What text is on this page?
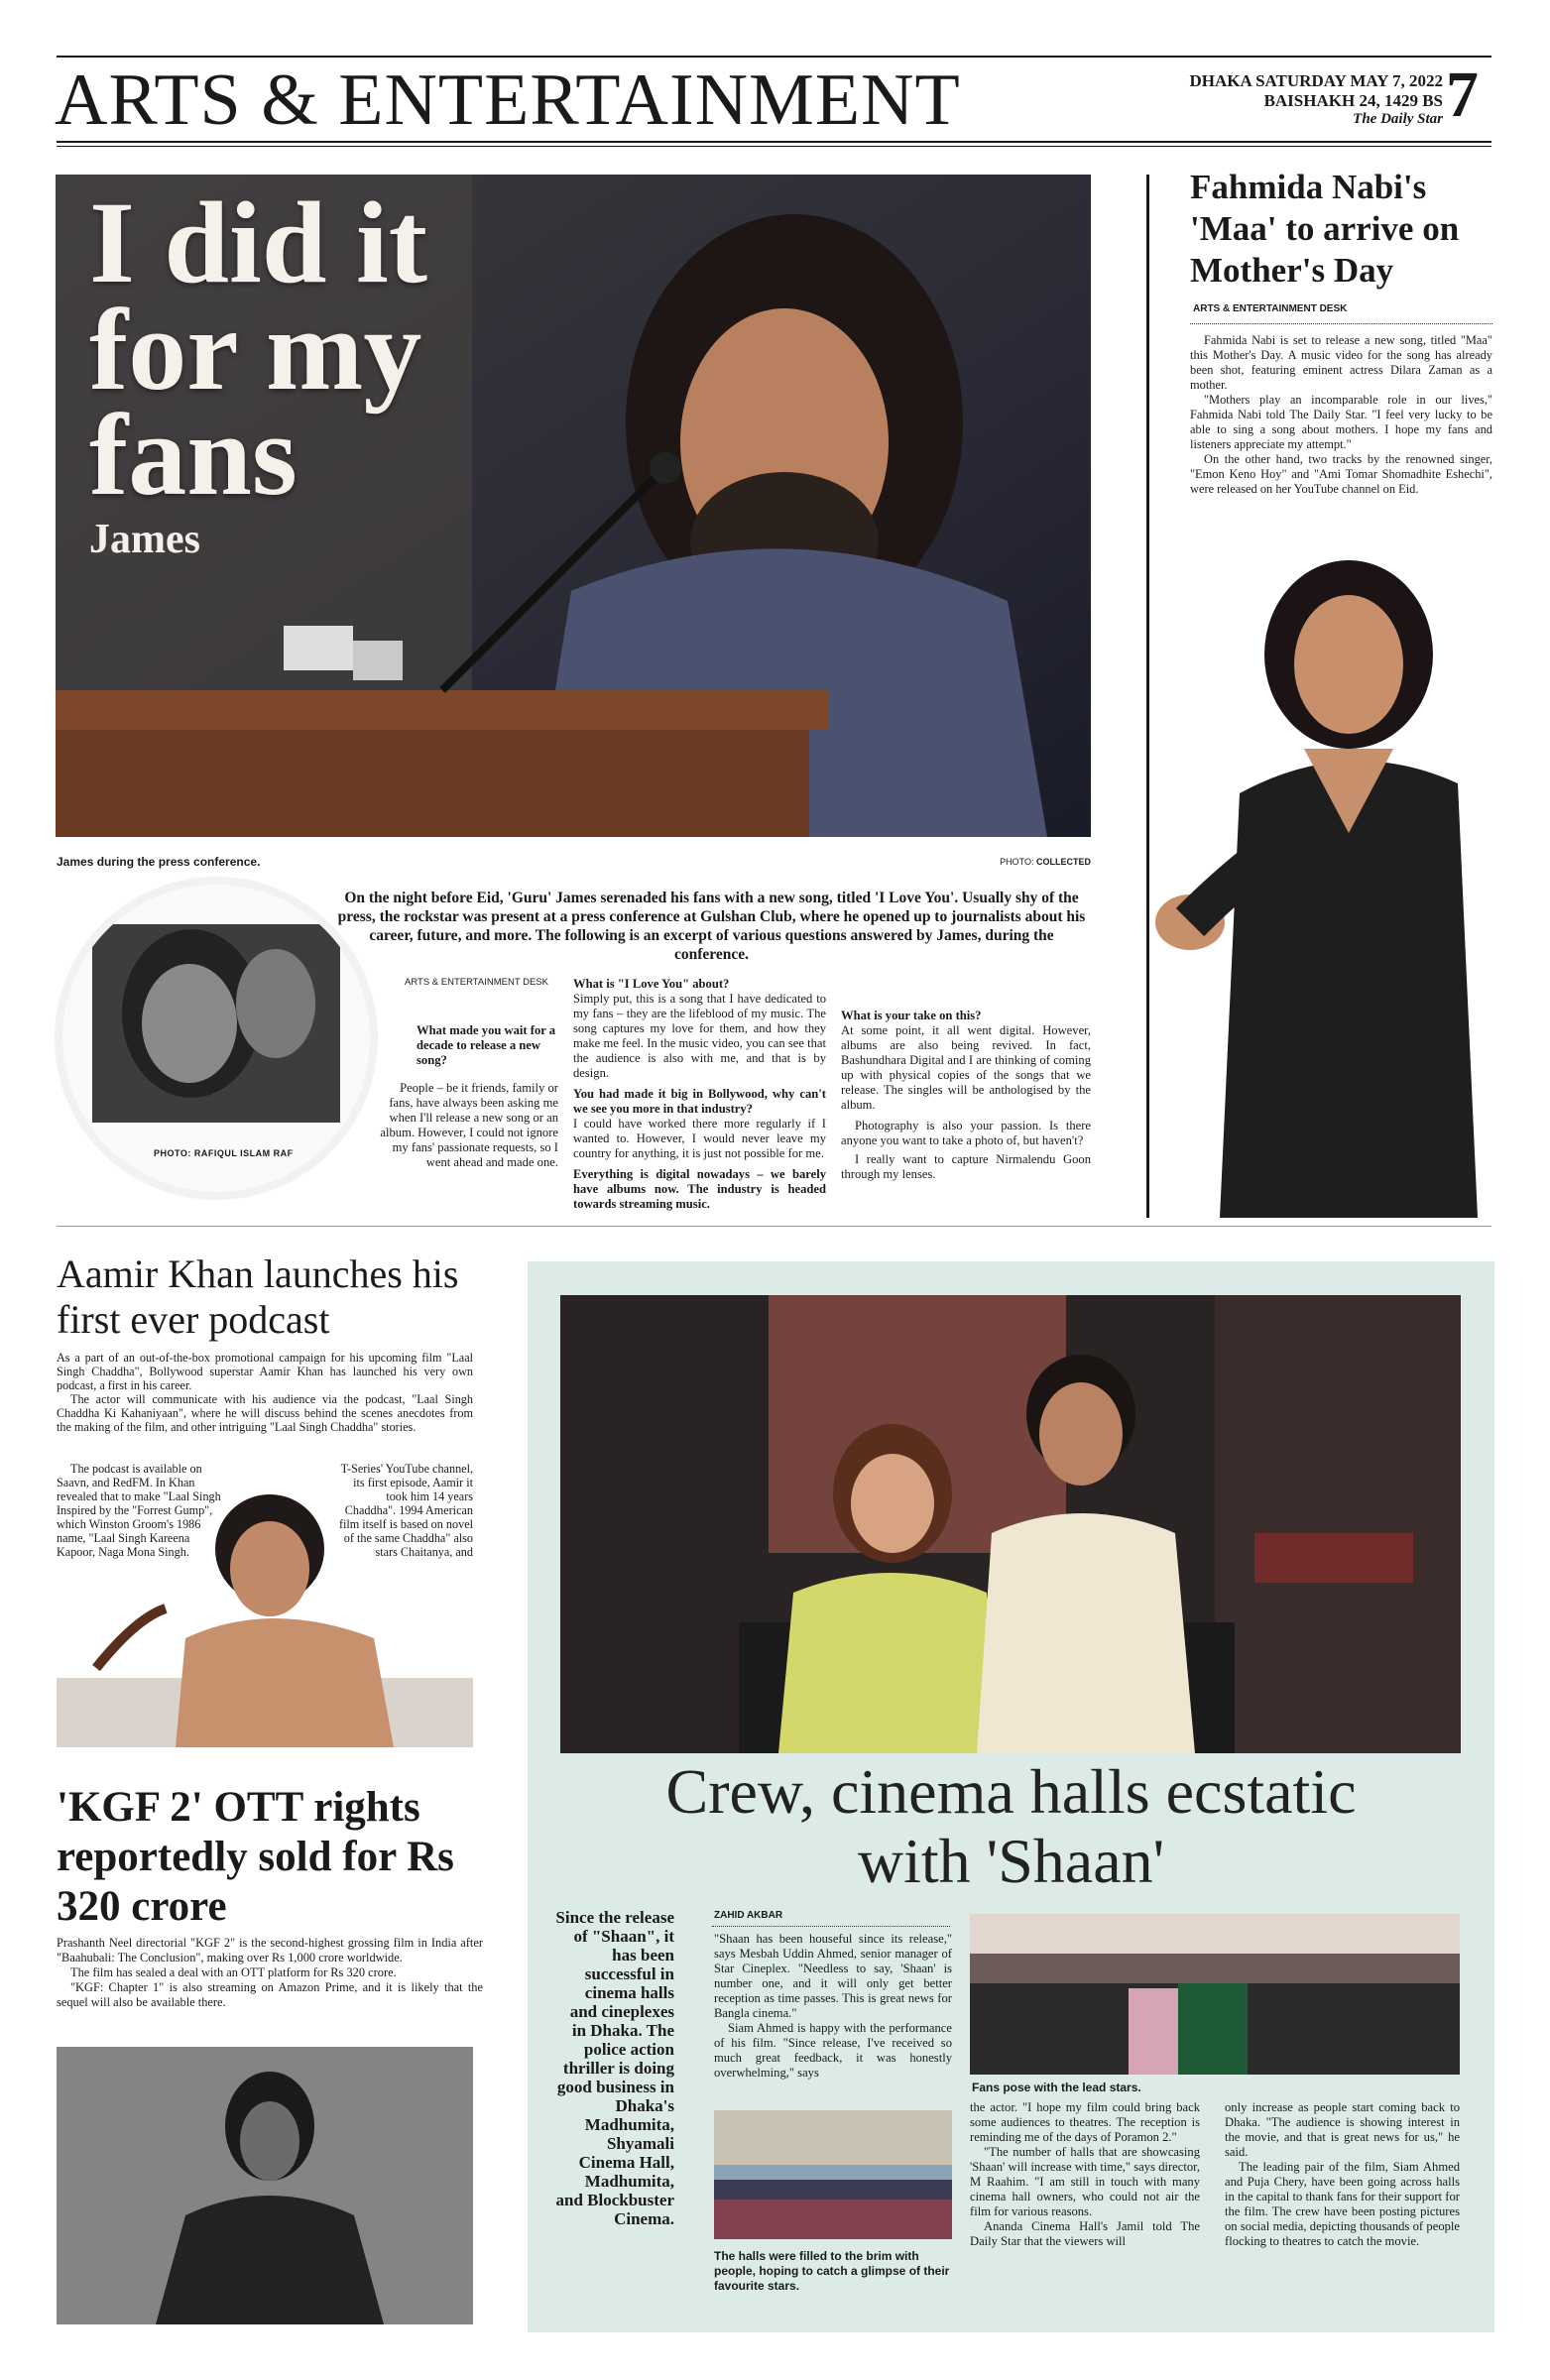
ARTS & ENTERTAINMENT	DHAKA SATURDAY MAY 7, 2022
BAISHAKH 24, 1429 BS
The Daily Star 7
I did it
for my
fans
James
James during the press conference.	PHOTO: COLLECTED
PHOTO: RAFIQUL ISLAM RAF
On the night before Eid, 'Guru' James serenaded his fans with a new song, titled 'I Love You'. Usually shy of the press, the rockstar was present at a press conference at Gulshan Club, where he opened up to journalists about his career, future, and more. The following is an excerpt of various questions answered by James, during the conference.
ARTS & ENTERTAINMENT DESK
What made you wait for a decade to release a new song?
People – be it friends, family or fans, have always been asking me when I'll release a new song or an album. However, I could not ignore my fans' passionate requests, so I went ahead and made one.
What is "I Love You" about?
Simply put, this is a song that I have dedicated to my fans – they are the lifeblood of my music. The song captures my love for them, and how they make me feel. In the music video, you can see that the audience is also with me, and that is by design.
You had made it big in Bollywood, why can't we see you more in that industry?
I could have worked there more regularly if I wanted to. However, I would never leave my country for anything, it is just not possible for me.
Everything is digital nowadays – we barely have albums now. The industry is headed towards streaming music.
What is your take on this?
At some point, it all went digital. However, albums are also being revived. In fact, Bashundhara Digital and I are thinking of coming up with physical copies of the songs that we release. The singles will be anthologised by the album.
Photography is also your passion. Is there anyone you want to take a photo of, but haven't?
I really want to capture Nirmalendu Goon through my lenses.
Fahmida Nabi's 'Maa' to arrive on Mother's Day
ARTS & ENTERTAINMENT DESK

Fahmida Nabi is set to release a new song, titled "Maa" this Mother's Day. A music video for the song has already been shot, featuring eminent actress Dilara Zaman as a mother.

"Mothers play an incomparable role in our lives," Fahmida Nabi told The Daily Star. "I feel very lucky to be able to sing a song about mothers. I hope my fans and listeners appreciate my attempt."

On the other hand, two tracks by the renowned singer, "Emon Keno Hoy" and "Ami Tomar Shomadhite Eshechi", were released on her YouTube channel on Eid.

Aamir Khan launches his first ever podcast

As a part of an out-of-the-box promotional campaign for his upcoming film "Laal Singh Chaddha", Bollywood superstar Aamir Khan has launched his very own podcast, a first in his career.

The actor will communicate with his audience via the podcast, "Laal Singh Chaddha Ki Kahaniyaan", where he will discuss behind the scenes anecdotes from the making of the film, and other intriguing "Laal Singh Chaddha" stories.

The podcast is available on Saavn, and RedFM. In Khan revealed that to make "Laal Singh Inspired by the "Forrest Gump", which Winston Groom's 1986 name, "Laal Singh Kareena Kapoor, Naga Mona Singh.

T-Series' YouTube channel, its first episode, Aamir it took him 14 years Chaddha". 1994 American film itself is based on novel of the same Chaddha" also stars Chaitanya, and
'KGF 2' OTT rights reportedly sold for Rs 320 crore

Prashanth Neel directorial "KGF 2" is the second-highest grossing film in India after "Baahubali: The Conclusion", making over Rs 1,000 crore worldwide.

The film has sealed a deal with an OTT platform for Rs 320 crore.

"KGF: Chapter 1" is also streaming on Amazon Prime, and it is likely that the sequel will also be available there.

Crew, cinema halls ecstatic
with 'Shaan'
Since the release of "Shaan", it has been successful in cinema halls and cineplexes in Dhaka. The police action thriller is doing good business in Dhaka's Madhumita, Shyamali Cinema Hall, Madhumita, and Blockbuster Cinema.
ZAHID AKBAR
"Shaan has been houseful since its release," says Mesbah Uddin Ahmed, senior manager of Star Cineplex. "Needless to say, 'Shaan' is number one, and it will only get better reception as time passes. This is great news for Bangla cinema."

Siam Ahmed is happy with the performance of his film. "Since release, I've received so much great feedback, it was honestly overwhelming," says

The halls were filled to the brim with people, hoping to catch a glimpse of their favourite stars.
Fans pose with the lead stars.
the actor. "I hope my film could bring back some audiences to theatres. The reception is reminding me of the days of Poramon 2."

"The number of halls that are showcasing 'Shaan' will increase with time," says director, M Raahim. "I am still in touch with many cinema hall owners, who could not air the film for various reasons.

Ananda Cinema Hall's Jamil told The Daily Star that the viewers will

only increase as people start coming back to Dhaka. "The audience is showing interest in the movie, and that is great news for us," he said.

The leading pair of the film, Siam Ahmed and Puja Chery, have been going across halls in the capital to thank fans for their support for the film. The crew have been posting pictures on social media, depicting thousands of people flocking to theatres to catch the movie.
